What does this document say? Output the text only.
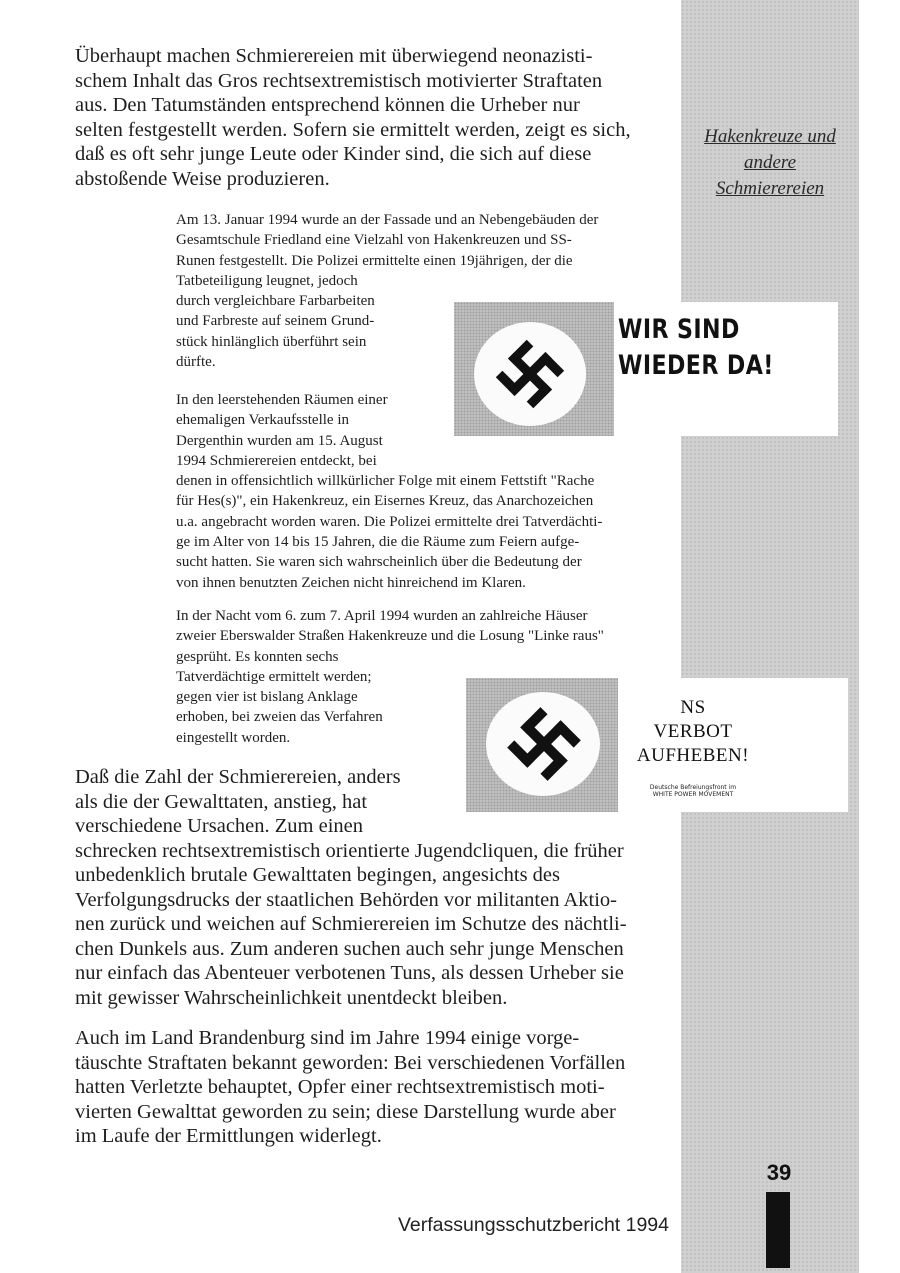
Hakenkreuze und
andere
Schmierereien

Überhaupt machen Schmierereien mit überwiegend neonazisti-
schem Inhalt das Gros rechtsextremistisch motivierter Straftaten
aus. Den Tatumständen entsprechend können die Urheber nur
selten festgestellt werden. Sofern sie ermittelt werden, zeigt es sich,
daß es oft sehr junge Leute oder Kinder sind, die sich auf diese
abstoßende Weise produzieren.

Am 13. Januar 1994 wurde an der Fassade und an Nebengebäuden der
Gesamtschule Friedland eine Vielzahl von Hakenkreuzen und SS-
Runen festgestellt. Die Polizei ermittelte einen 19jährigen, der die
Tatbeteiligung leugnet, jedoch
durch vergleichbare Farbarbeiten
und Farbreste auf seinem Grund-
stück hinlänglich überführt sein
dürfte.

In den leerstehenden Räumen einer
ehemaligen Verkaufsstelle in
Dergenthin wurden am 15. August
1994 Schmierereien entdeckt, bei
denen in offensichtlich willkürlicher Folge mit einem Fettstift "Rache
für Hes(s)", ein Hakenkreuz, ein Eisernes Kreuz, das Anarchozeichen
u.a. angebracht worden waren. Die Polizei ermittelte drei Tatverdächti-
ge im Alter von 14 bis 15 Jahren, die die Räume zum Feiern aufge-
sucht hatten. Sie waren sich wahrscheinlich über die Bedeutung der
von ihnen benutzten Zeichen nicht hinreichend im Klaren.

In der Nacht vom 6. zum 7. April 1994 wurden an zahlreiche Häuser
zweier Eberswalder Straßen Hakenkreuze und die Losung "Linke raus"
gesprüht. Es konnten sechs
Tatverdächtige ermittelt werden;
gegen vier ist bislang Anklage
erhoben, bei zweien das Verfahren
eingestellt worden.

Daß die Zahl der Schmierereien, anders
als die der Gewalttaten, anstieg, hat
verschiedene Ursachen. Zum einen
schrecken rechtsextremistisch orientierte Jugendcliquen, die früher
unbedenklich brutale Gewalttaten begingen, angesichts des
Verfolgungsdrucks der staatlichen Behörden vor militanten Aktio-
nen zurück und weichen auf Schmierereien im Schutze des nächtli-
chen Dunkels aus. Zum anderen suchen auch sehr junge Menschen
nur einfach das Abenteuer verbotenen Tuns, als dessen Urheber sie
mit gewisser Wahrscheinlichkeit unentdeckt bleiben.

Auch im Land Brandenburg sind im Jahre 1994 einige vorge-
täuschte Straftaten bekannt geworden: Bei verschiedenen Vorfällen
hatten Verletzte behauptet, Opfer einer rechtsextremistisch moti-
vierten Gewalttat geworden zu sein; diese Darstellung wurde aber
im Laufe der Ermittlungen widerlegt.

WIR SIND
WIEDER DA!
NS
VERBOT
AUFHEBEN!
Deutsche Befreiungsfront im
WHITE POWER MOVEMENT
39
Verfassungsschutzbericht 1994
